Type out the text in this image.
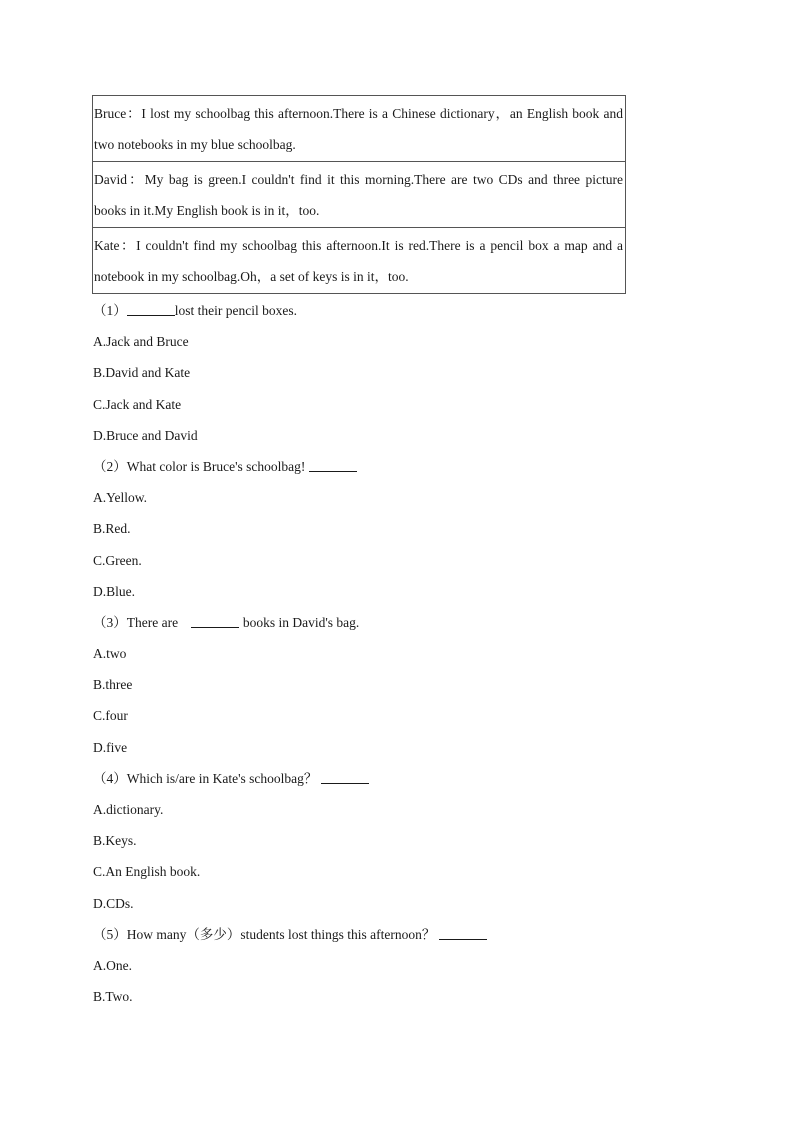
Bruce：I lost my schoolbag this afternoon.There is a Chinese dictionary，an English book and two notebooks in my blue schoolbag.
David：My bag is green.I couldn't find it this morning.There are two CDs and three picture books in it.My English book is in it，too.
Kate：I couldn't find my schoolbag this afternoon.It is red.There is a pencil box a map and a notebook in my schoolbag.Oh，a set of keys is in it，too.
（1）	lost their pencil boxes.
A.Jack and Bruce
B.David and Kate
C.Jack and Kate
D.Bruce and David
（2）What color is Bruce's schoolbag!
A.Yellow.
B.Red.
C.Green.
D.Blue.
（3）There are	books in David's bag.
A.two
B.three
C.four
D.five
（4）Which is/are in Kate's schoolbag？
A.dictionary.
B.Keys.
C.An English book.
D.CDs.
（5）How many（多少）students lost things this afternoon？
A.One.
B.Two.
